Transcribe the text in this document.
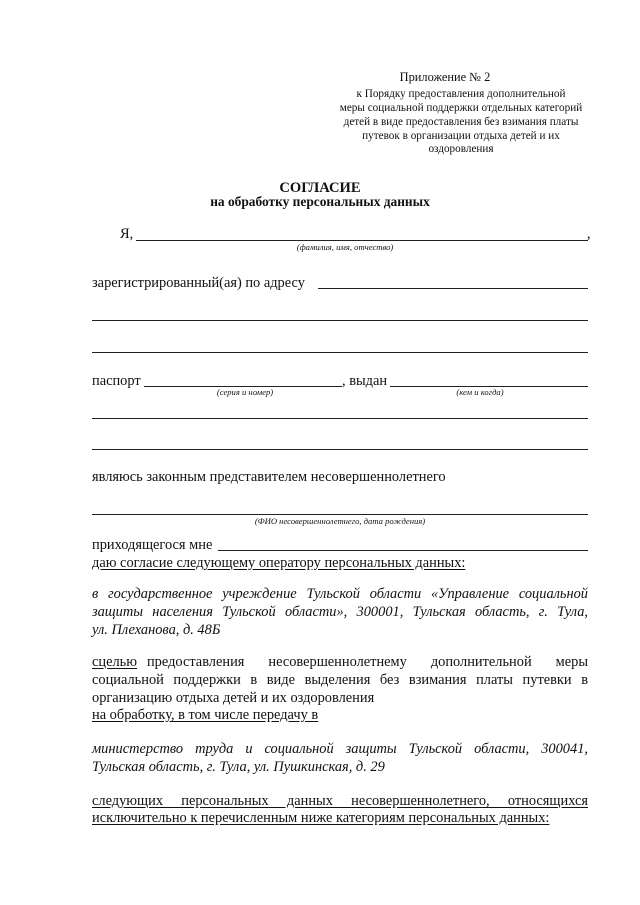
Приложение № 2
к Порядку предоставления дополнительной
меры социальной поддержки отдельных категорий
детей в виде предоставления без взимания платы
путевок в организации отдыха детей и их
оздоровления
СОГЛАСИЕ
на обработку персональных данных
Я,	,
(фамилия, имя, отчество)
зарегистрированный(ая) по адресу
паспорт	, выдан
(серия и номер)	(кем и когда)
являюсь законным представителем несовершеннолетнего
(ФИО несовершеннолетнего, дата рождения)
приходящегося мне
даю согласие следующему оператору персональных данных:
в государственное учреждение Тульской области «Управление социальной
защиты населения Тульской области», 300001, Тульская область, г. Тула,
ул. Плеханова, д. 48Б
с целью предоставления несовершеннолетнему дополнительной меры
социальной поддержки в виде выделения без взимания платы путевки в
организацию отдыха детей и их оздоровления
на обработку, в том числе передачу в
министерство труда и социальной защиты Тульской области, 300041,
Тульская область, г. Тула, ул. Пушкинская, д. 29
следующих персональных данных несовершеннолетнего, относящихся
исключительно к перечисленным ниже категориям персональных данных:
